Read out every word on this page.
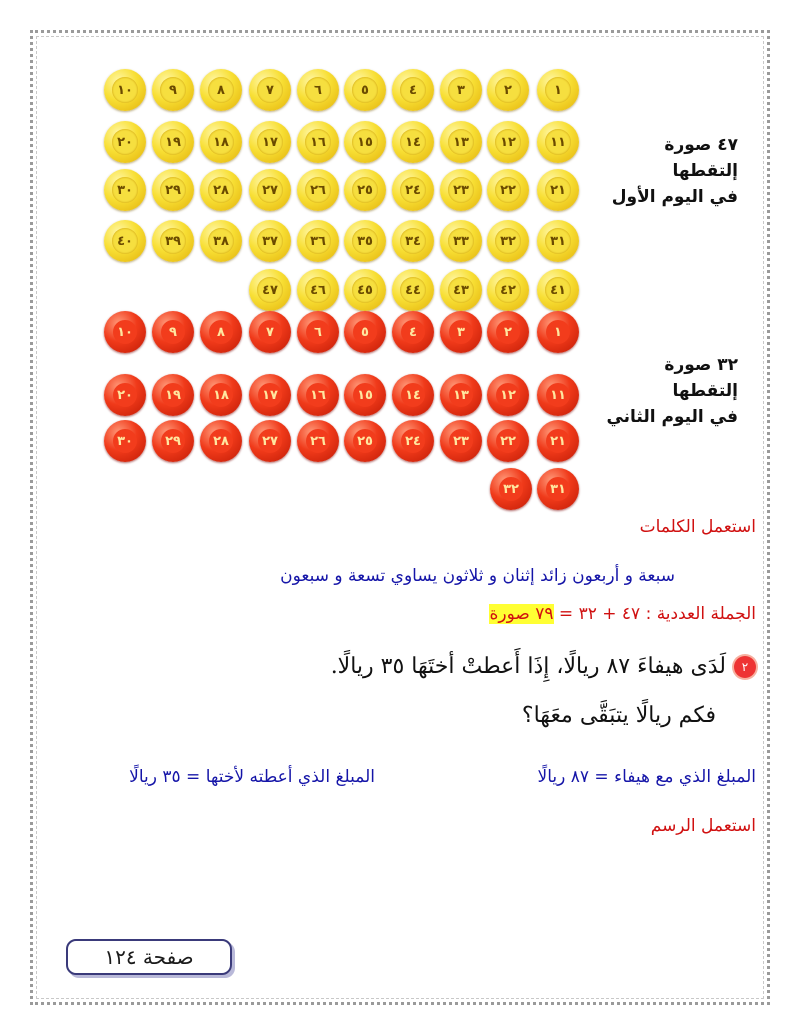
١
٢
٣
٤
٥
٦
٧
٨
٩
١٠
١١
١٢
١٣
١٤
١٥
١٦
١٧
١٨
١٩
٢٠
٢١
٢٢
٢٣
٢٤
٢٥
٢٦
٢٧
٢٨
٢٩
٣٠
٣١
٣٢
٣٣
٣٤
٣٥
٣٦
٣٧
٣٨
٣٩
٤٠
٤١
٤٢
٤٣
٤٤
٤٥
٤٦
٤٧
١
٢
٣
٤
٥
٦
٧
٨
٩
١٠
١١
١٢
١٣
١٤
١٥
١٦
١٧
١٨
١٩
٢٠
٢١
٢٢
٢٣
٢٤
٢٥
٢٦
٢٧
٢٨
٢٩
٣٠
٣١
٣٢
٤٧ صورة
إلتقطها
في اليوم الأول
٣٢ صورة
إلتقطها
في اليوم الثاني
استعمل الكلمات
سبعة و أربعون زائد إثنان و ثلاثون يساوي تسعة و سبعون
الجملة العددية : ٤٧ + ٣٢ = ٧٩ صورة
٢لَدَى هيفاءَ ٨٧ ريالًا، إِذَا أَعطتْ أختَهَا ٣٥ ريالًا.
فكم ريالًا يتبَقَّى معَهَا؟
المبلغ الذي مع هيفاء = ٨٧ ريالًا
المبلغ الذي أعطته لأختها = ٣٥ ريالًا
استعمل الرسم
صفحة ١٢٤
